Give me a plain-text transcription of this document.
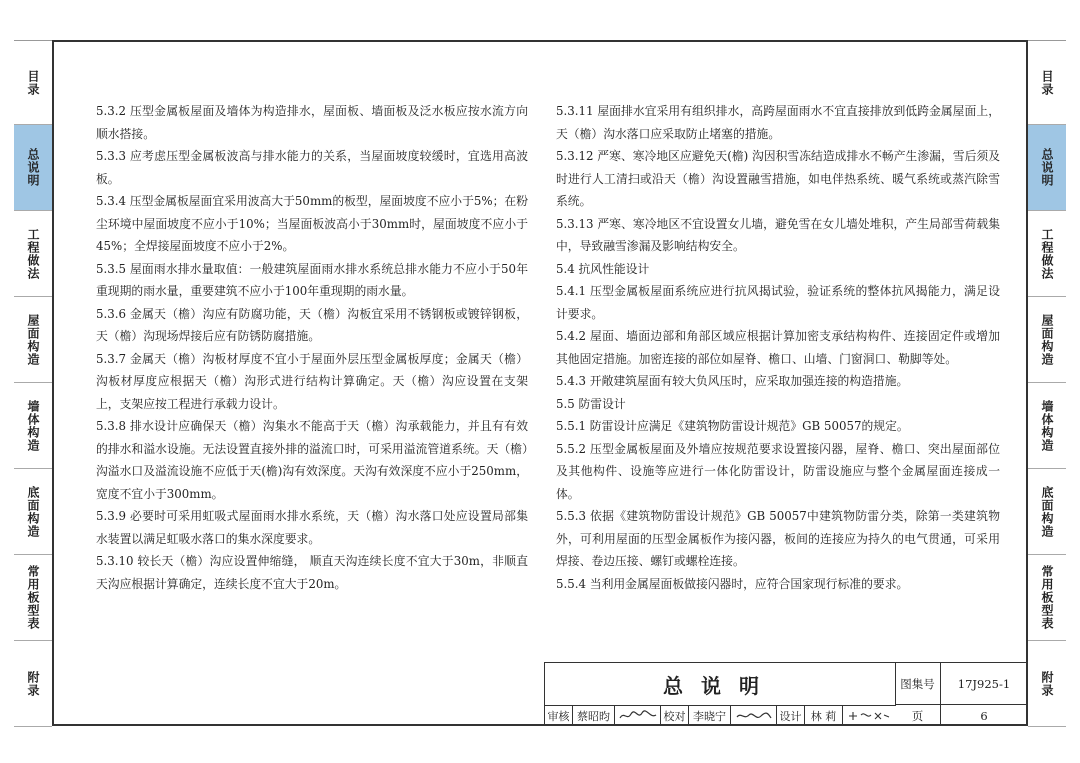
目录
总说明
工程做法
屋面构造
墙体构造
底面构造
常用板型表
附录
目录
总说明
工程做法
屋面构造
墙体构造
底面构造
常用板型表
附录

5.3.2 压型金属板屋面及墙体为构造排水，屋面板、墙面板及泛水板应按水流方向顺水搭接。

5.3.3 应考虑压型金属板波高与排水能力的关系，当屋面坡度较缓时，宜选用高波板。

5.3.4 压型金属板屋面宜采用波高大于50mm的板型，屋面坡度不应小于5%；在粉尘环境中屋面坡度不应小于10%；当屋面板波高小于30mm时，屋面坡度不应小于45%；全焊接屋面坡度不应小于2%。

5.3.5 屋面雨水排水量取值：一般建筑屋面雨水排水系统总排水能力不应小于50年重现期的雨水量，重要建筑不应小于100年重现期的雨水量。

5.3.6 金属天（檐）沟应有防腐功能，天（檐）沟板宜采用不锈钢板或镀锌钢板，天（檐）沟现场焊接后应有防锈防腐措施。

5.3.7 金属天（檐）沟板材厚度不宜小于屋面外层压型金属板厚度；金属天（檐）沟板材厚度应根据天（檐）沟形式进行结构计算确定。天（檐）沟应设置在支架上，支架应按工程进行承载力设计。

5.3.8 排水设计应确保天（檐）沟集水不能高于天（檐）沟承载能力，并且有有效的排水和溢水设施。无法设置直接外排的溢流口时，可采用溢流管道系统。天（檐）沟溢水口及溢流设施不应低于天(檐)沟有效深度。天沟有效深度不应小于250mm，宽度不宜小于300mm。

5.3.9 必要时可采用虹吸式屋面雨水排水系统，天（檐）沟水落口处应设置局部集水装置以满足虹吸水落口的集水深度要求。

5.3.10 较长天（檐）沟应设置伸缩缝， 顺直天沟连续长度不宜大于30m，非顺直天沟应根据计算确定，连续长度不宜大于20m。

5.3.11 屋面排水宜采用有组织排水，高跨屋面雨水不宜直接排放到低跨金属屋面上，天（檐）沟水落口应采取防止堵塞的措施。

5.3.12 严寒、寒冷地区应避免天(檐) 沟因积雪冻结造成排水不畅产生渗漏，雪后须及时进行人工清扫或沿天（檐）沟设置融雪措施，如电伴热系统、暖气系统或蒸汽除雪系统。

5.3.13 严寒、寒冷地区不宜设置女儿墙，避免雪在女儿墙处堆积，产生局部雪荷载集中，导致融雪渗漏及影响结构安全。

5.4 抗风性能设计

5.4.1 压型金属板屋面系统应进行抗风揭试验，验证系统的整体抗风揭能力，满足设计要求。

5.4.2 屋面、墙面边部和角部区域应根据计算加密支承结构构件、连接固定件或增加其他固定措施。加密连接的部位如屋脊、檐口、山墙、门窗洞口、勒脚等处。

5.4.3 开敞建筑屋面有较大负风压时，应采取加强连接的构造措施。

5.5 防雷设计

5.5.1 防雷设计应满足《建筑物防雷设计规范》GB 50057的规定。

5.5.2 压型金属板屋面及外墙应按规范要求设置接闪器，屋脊、檐口、突出屋面部位及其他构件、设施等应进行一体化防雷设计，防雷设施应与整个金属屋面连接成一体。

5.5.3 依据《建筑物防雷设计规范》GB 50057中建筑物防雷分类，除第一类建筑物外，可利用屋面的压型金属板作为接闪器，板间的连接应为持久的电气贯通，可采用焊接、卷边压接、螺钉或螺栓连接。

5.5.4 当利用金属屋面板做接闪器时，应符合国家现行标准的要求。

总说明	图集号	17J925-1
页	6
审核 蔡昭昀	校对 李晓宁	设计 林 莉
